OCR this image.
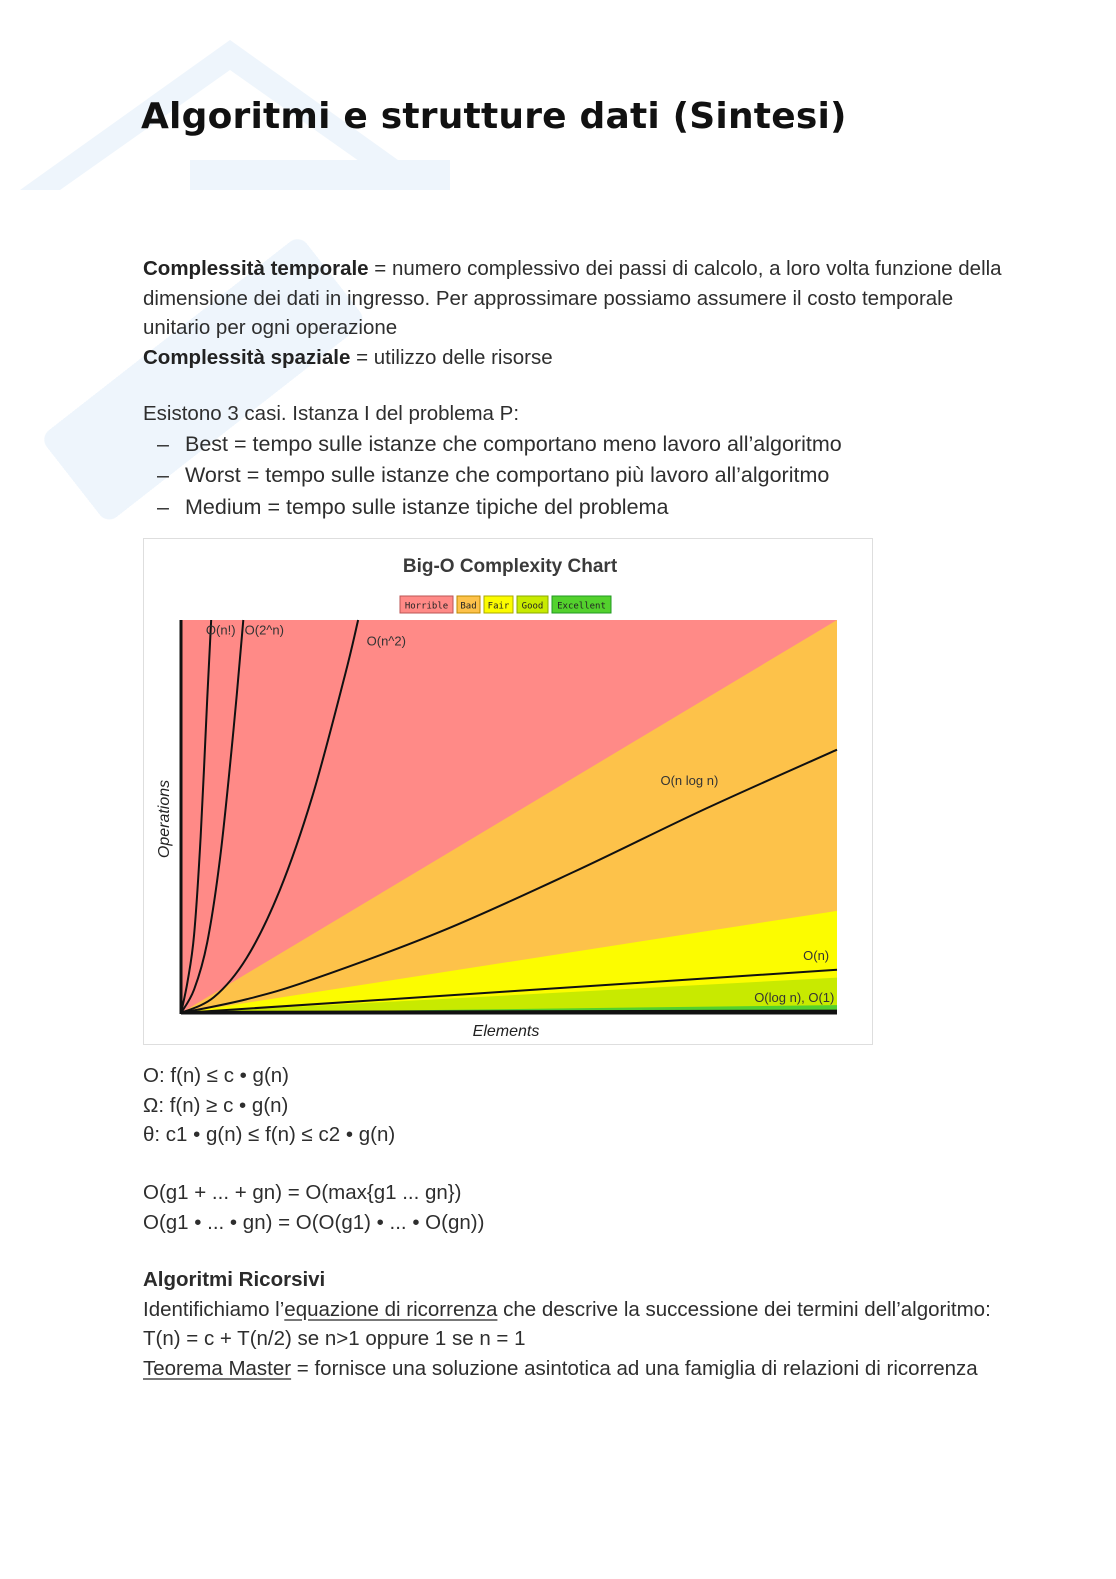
Algoritmi e strutture dati (Sintesi)

Complessità temporale = numero complessivo dei passi di calcolo, a loro volta funzione della dimensione dei dati in ingresso. Per approssimare possiamo assumere il costo temporale unitario per ogni operazione

Complessità spaziale = utilizzo delle risorse

Esistono 3 casi. Istanza I del problema P:

– Best = tempo sulle istanze che comportano meno lavoro all’algoritmo
– Worst = tempo sulle istanze che comportano più lavoro all’algoritmo
– Medium = tempo sulle istanze tipiche del problema
Big-O Complexity Chart
Horrible Bad Fair Good Excellent
O(n!) O(2^n)
O(n^2)
O(n log n)
O(n)
O(log n), O(1)
Elements
Operations

O: f(n) ≤ c • g(n)

Ω: f(n) ≥ c • g(n)

θ: c1 • g(n) ≤ f(n) ≤ c2 • g(n)

O(g1 + ... + gn) = O(max{g1 ... gn})

O(g1 • ... • gn) = O(O(g1) • ... • O(gn))

Algoritmi Ricorsivi

Identifichiamo l’equazione di ricorrenza che descrive la successione dei termini dell’algoritmo: T(n) = c + T(n/2) se n>1 oppure 1 se n = 1

Teorema Master = fornisce una soluzione asintotica ad una famiglia di relazioni di ricorrenza
